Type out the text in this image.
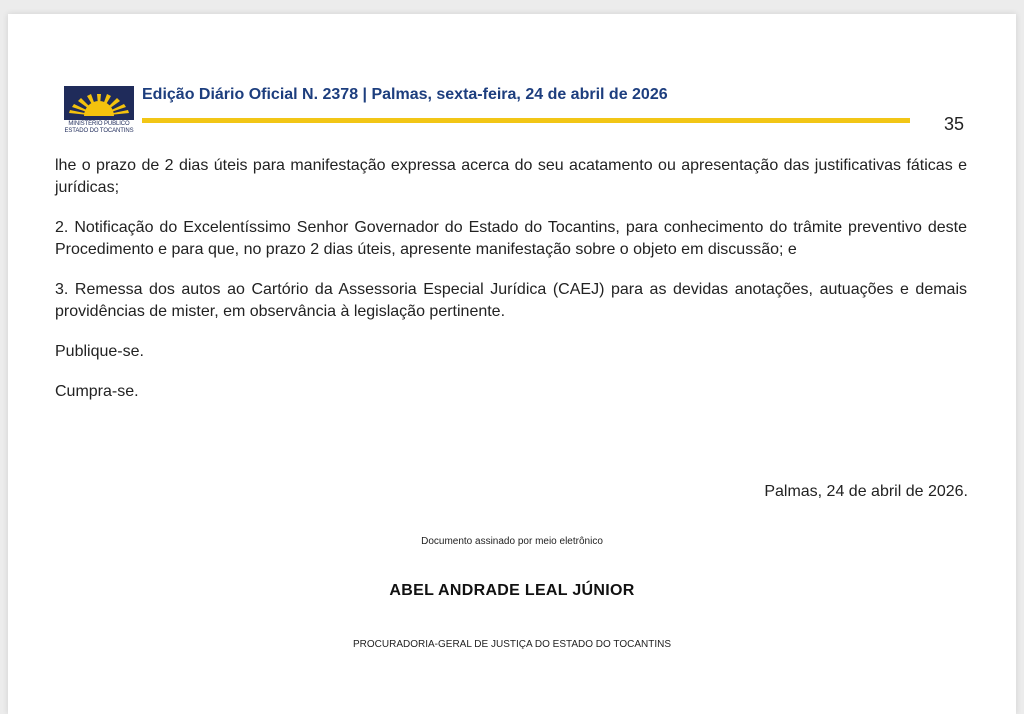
MINISTÉRIO PÚBLICO
ESTADO DO TOCANTINS
Edição Diário Oficial N. 2378 | Palmas, sexta-feira, 24 de abril de 2026
35

lhe o prazo de 2 dias úteis para manifestação expressa acerca do seu acatamento ou apresentação das justificativas fáticas e jurídicas;

2. Notificação do Excelentíssimo Senhor Governador do Estado do Tocantins, para conhecimento do trâmite preventivo deste Procedimento e para que, no prazo 2 dias úteis, apresente manifestação sobre o objeto em discussão; e

3. Remessa dos autos ao Cartório da Assessoria Especial Jurídica (CAEJ) para as devidas anotações, autuações e demais providências de mister, em observância à legislação pertinente.

Publique-se.

Cumpra-se.

Palmas, 24 de abril de 2026.
Documento assinado por meio eletrônico
ABEL ANDRADE LEAL JÚNIOR
PROCURADORIA-GERAL DE JUSTIÇA DO ESTADO DO TOCANTINS
